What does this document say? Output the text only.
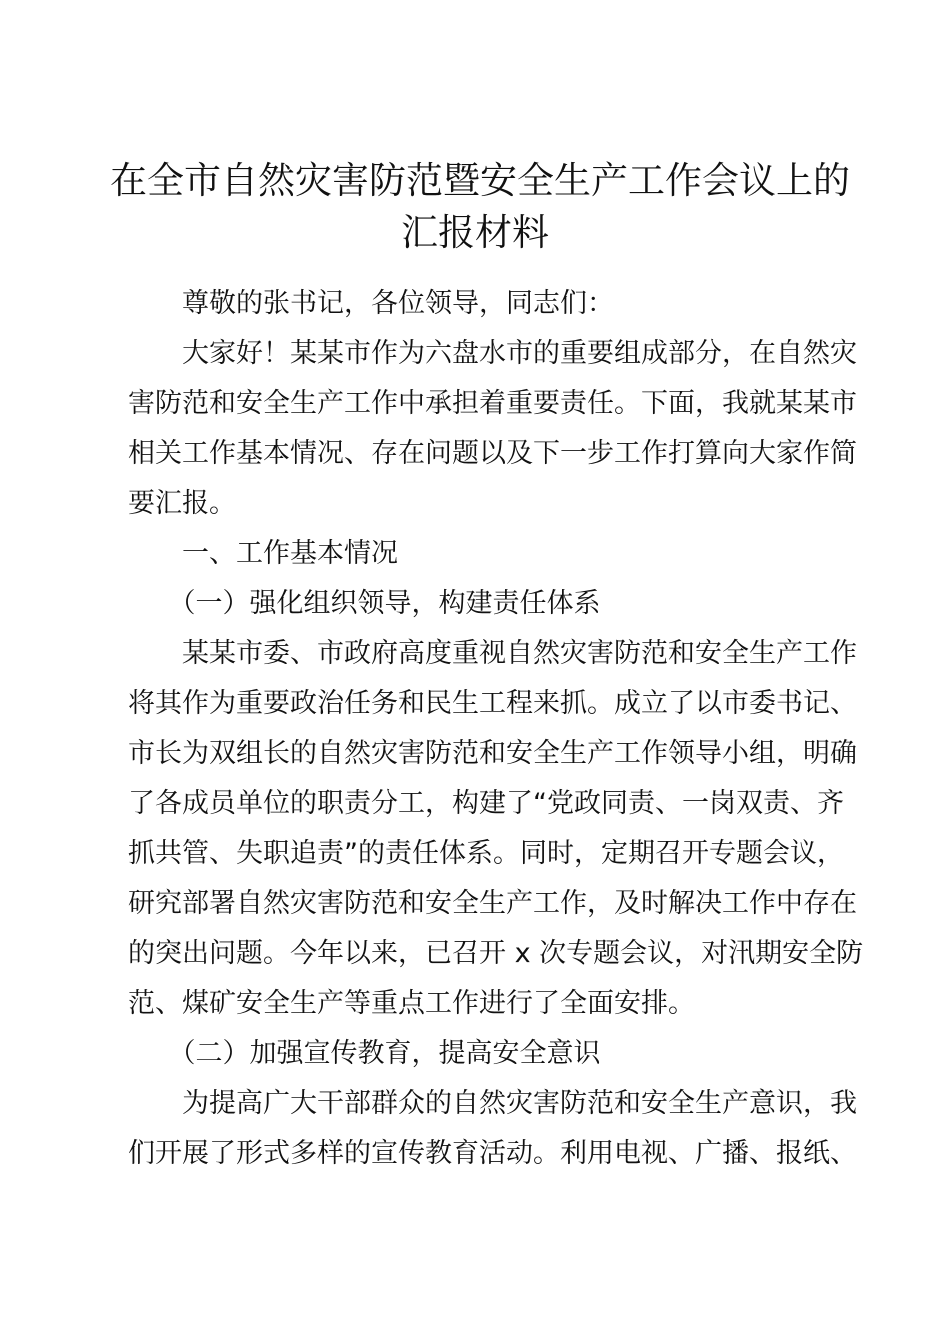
在全市自然灾害防范暨安全生产工作会议上的
汇报材料
　　尊敬的张书记，各位领导，同志们：
　　大家好！某某市作为六盘水市的重要组成部分，在自然灾
害防范和安全生产工作中承担着重要责任。下面，我就某某市
相关工作基本情况、存在问题以及下一步工作打算向大家作简
要汇报。
　　一、工作基本情况
　　（一）强化组织领导，构建责任体系
　　某某市委、市政府高度重视自然灾害防范和安全生产工作
将其作为重要政治任务和民生工程来抓。成立了以市委书记、
市长为双组长的自然灾害防范和安全生产工作领导小组，明确
了各成员单位的职责分工，构建了“党政同责、一岗双责、齐
抓共管、失职追责”的责任体系。同时，定期召开专题会议，
研究部署自然灾害防范和安全生产工作，及时解决工作中存在
的突出问题。今年以来，已召开 x 次专题会议，对汛期安全防
范、煤矿安全生产等重点工作进行了全面安排。
　　（二）加强宣传教育，提高安全意识
　　为提高广大干部群众的自然灾害防范和安全生产意识，我
们开展了形式多样的宣传教育活动。利用电视、广播、报纸、
